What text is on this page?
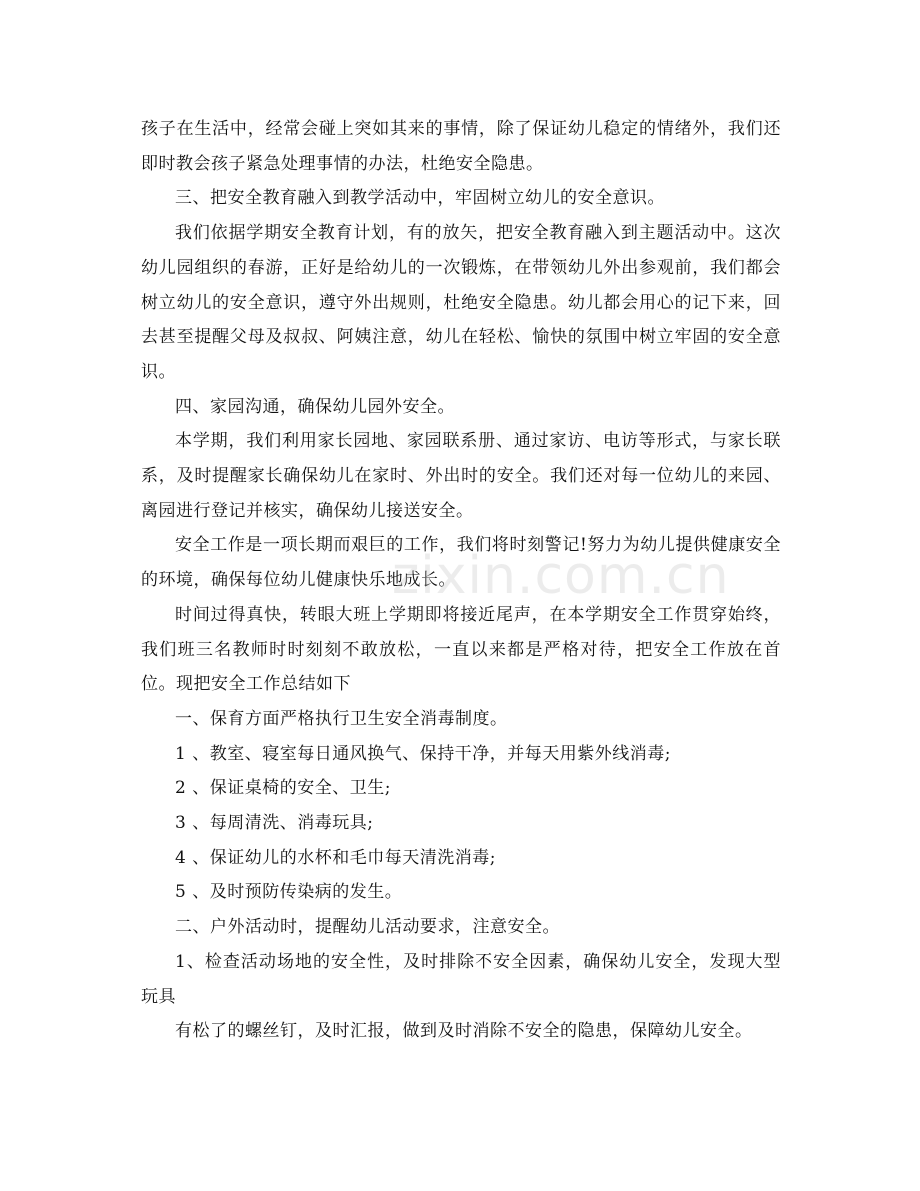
孩子在生活中，经常会碰上突如其来的事情，除了保证幼儿稳定的情绪外，我们还即时教会孩子紧急处理事情的办法，杜绝安全隐患。

三、把安全教育融入到教学活动中，牢固树立幼儿的安全意识。

我们依据学期安全教育计划，有的放矢，把安全教育融入到主题活动中。这次幼儿园组织的春游，正好是给幼儿的一次锻炼，在带领幼儿外出参观前，我们都会树立幼儿的安全意识，遵守外出规则，杜绝安全隐患。幼儿都会用心的记下来，回去甚至提醒父母及叔叔、阿姨注意，幼儿在轻松、愉快的氛围中树立牢固的安全意识。

四、家园沟通，确保幼儿园外安全。

本学期，我们利用家长园地、家园联系册、通过家访、电访等形式，与家长联系，及时提醒家长确保幼儿在家时、外出时的安全。我们还对每一位幼儿的来园、离园进行登记并核实，确保幼儿接送安全。

安全工作是一项长期而艰巨的工作，我们将时刻警记!努力为幼儿提供健康安全的环境，确保每位幼儿健康快乐地成长。

时间过得真快，转眼大班上学期即将接近尾声，在本学期安全工作贯穿始终，我们班三名教师时时刻刻不敢放松，一直以来都是严格对待，把安全工作放在首位。现把安全工作总结如下

一、保育方面严格执行卫生安全消毒制度。

1 、教室、寝室每日通风换气、保持干净，并每天用紫外线消毒;

2 、保证桌椅的安全、卫生;

3 、每周清洗、消毒玩具;

4 、保证幼儿的水杯和毛巾每天清洗消毒;

5 、及时预防传染病的发生。

二、户外活动时，提醒幼儿活动要求，注意安全。

1、检查活动场地的安全性，及时排除不安全因素，确保幼儿安全，发现大型玩具

有松了的螺丝钉，及时汇报，做到及时消除不安全的隐患，保障幼儿安全。

zixin.com.cn
